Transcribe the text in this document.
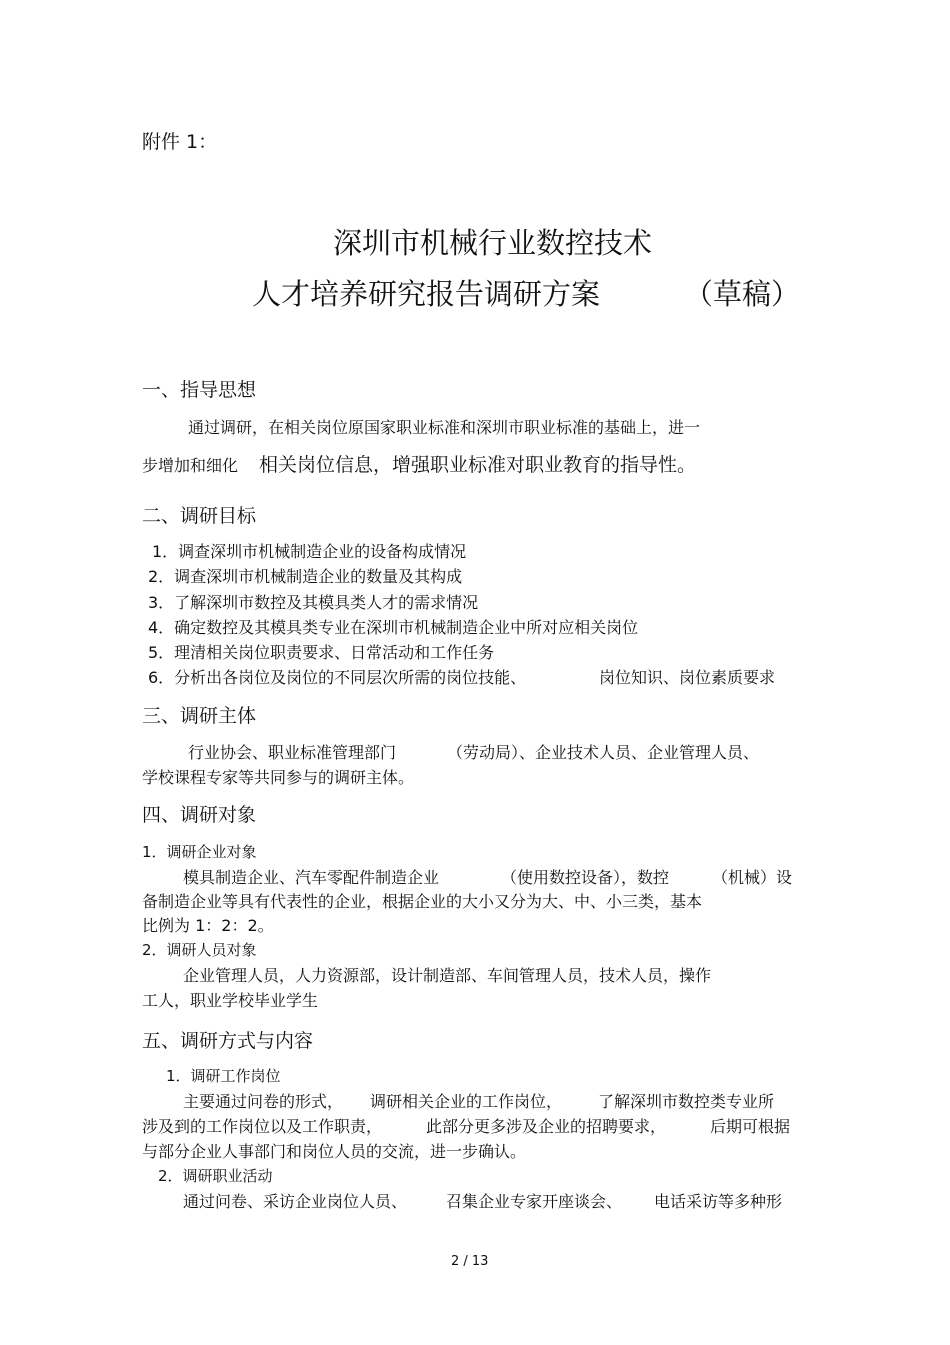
附件 1：
深圳市机械行业数控技术
人才培养研究报告调研方案	（草稿）
一、指导思想
通过调研，在相关岗位原国家职业标准和深圳市职业标准的基础上，进一
步增加和细化 相关岗位信息，增强职业标准对职业教育的指导性。
二、调研目标
1．调查深圳市机械制造企业的设备构成情况
2．调查深圳市机械制造企业的数量及其构成
3．了解深圳市数控及其模具类人才的需求情况
4．确定数控及其模具类专业在深圳市机械制造企业中所对应相关岗位
5．理清相关岗位职责要求、日常活动和工作任务
6．分析出各岗位及岗位的不同层次所需的岗位技能、	岗位知识、岗位素质要求
三、调研主体
行业协会、职业标准管理部门	（劳动局）、企业技术人员、企业管理人员、
学校课程专家等共同参与的调研主体。
四、调研对象
1．调研企业对象
模具制造企业、汽车零配件制造企业	（使用数控设备），数控	（机械）设
备制造企业等具有代表性的企业，根据企业的大小又分为大、中、小三类，基本
比例为 1：2：2。
2．调研人员对象
企业管理人员，人力资源部，设计制造部、车间管理人员，技术人员，操作
工人，职业学校毕业学生
五、调研方式与内容
1．调研工作岗位
主要通过问卷的形式， 调研相关企业的工作岗位， 了解深圳市数控类专业所
涉及到的工作岗位以及工作职责，	此部分更多涉及企业的招聘要求，	后期可根据
与部分企业人事部门和岗位人员的交流，进一步确认。
2．调研职业活动
通过问卷、采访企业岗位人员、 召集企业专家开座谈会、 电话采访等多种形
2 / 13
